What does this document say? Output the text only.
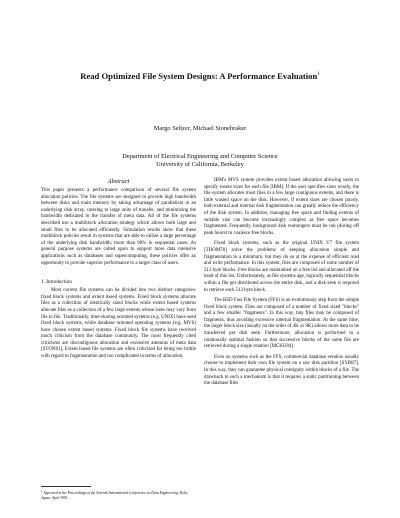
Read Optimized File System Designs: A Performance Evaluation$^1$
Margo Seltzer, Michael Stonebraker
Department of Electrical Engineering and Computer Science
University of California, Berkeley
Abstract

This paper presents a performance comparison of several file system allocation policies. The file systems are designed to provide high bandwidth between disks and main memory by taking advantage of parallelism in an underlying disk array, catering to large units of transfer, and minimizing the bandwidth dedicated to the transfer of meta data. All of the file systems described use a multiblock allocation strategy which allows both large and small files to be allocated efficiently. Simulation results show that these multiblock policies result in systems that are able to utilize a large percentage of the underlying disk bandwidth; more than 90% in sequential cases. As general purpose systems are called upon to support more data intensive applications such as databases and supercomputing, these policies offer an opportunity to provide superior performance to a larger class of users.

1. Introduction

Most current file systems can be divided into two distinct categories: fixed block systems and extent based systems. Fixed block systems allocate files as a collection of identically sized blocks while extent based systems allocate files as a collection of a few large extents whose sizes may vary from file to file. Traditionally, time-sharing oriented systems (e.g. UNIX) have used fixed block systems, while database oriented operating systems (e.g. MVS) have chosen extent based systems. Fixed block file systems have received much criticism from the database community. The most frequently cited criticisms are discontiguous allocation and excessive amounts of meta data [STON81]. Extent based file systems are often criticized for being too brittle with regard to fragmentation and too complicated in terms of allocation.

IBM's MVS system provides extent based allocation allowing users to specify extent sizes for each file [IBM]. If the user specifies sizes wisely, the file system allocates most files in a few large contiguous extents, and there is little wasted space on the disk. However, if extent sizes are chosen poorly, both external and internal disk fragmentation can greatly reduce the efficiency of the disk system. In addition, managing free space and finding extents of suitable size can become increasingly complex as free space becomes fragmented. Frequently, background disk rearrangers must be run (during off peak hours) to coalesce free blocks.

Fixed block systems, such as the original UNIX V7 file system [THOM78] solve the problems of keeping allocation simple and fragmentation to a minimum, but they do so at the expense of efficient read and write performance. In this system, files are composed of some number of 512 byte blocks. Free blocks are maintained on a free list and allocated off the head of this list. Unfortunately, as file systems age, logically sequential blocks within a file get distributed across the entire disk, and a disk seek is required to retrieve each 512 byte block.

The BSD Fast File System (FFS) is an evolutionary step from the simple fixed block system. Files are composed of a number of fixed sized "blocks" and a few smaller "fragments". In this way, tiny files may be composed of fragments, thus avoiding excessive internal fragmentation. At the same time, the larger block size (usually on the order of 4K or 8K) allows more data to be transferred per disk seek. Furthermore, allocation is performed in a rotationally optimal fashion so that successive blocks of the same file are retrieved during a single rotation [MCKU84].

Even on systems such as the FFS, commercial database vendors usually choose to implement their own file system on a raw disk partition [SYB87]. In this way, they can guarantee physical contiguity within blocks of a file. The drawback to such a mechanism is that it requires a static partitioning between the database files

$^1$ Appeared in the Proceedings of the Seventh International Conference on Data Engineering, Kobe, Japan, April 1991.
